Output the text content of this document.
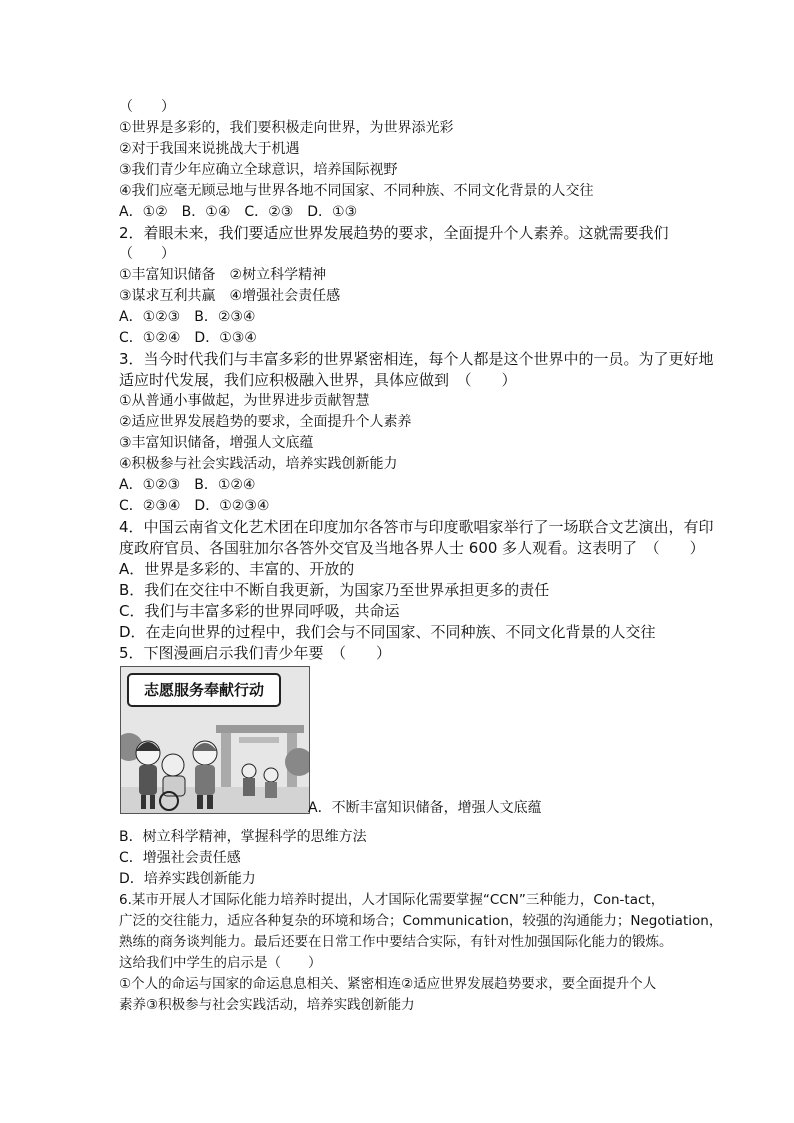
（　　）
①世界是多彩的，我们要积极走向世界，为世界添光彩
②对于我国来说挑战大于机遇
③我们青少年应确立全球意识，培养国际视野
④我们应毫无顾忌地与世界各地不同国家、不同种族、不同文化背景的人交往
A．①②　B．①④　C．②③　D．①③
2．着眼未来，我们要适应世界发展趋势的要求，全面提升个人素养。这就需要我们
（　　）
①丰富知识储备　②树立科学精神
③谋求互利共赢　④增强社会责任感
A．①②③　B．②③④
C．①②④　D．①③④
3．当今时代我们与丰富多彩的世界紧密相连，每个人都是这个世界中的一员。为了更好地
适应时代发展，我们应积极融入世界，具体应做到　（　　）
①从普通小事做起，为世界进步贡献智慧
②适应世界发展趋势的要求，全面提升个人素养
③丰富知识储备，增强人文底蕴
④积极参与社会实践活动，培养实践创新能力
A．①②③　B．①②④
C．②③④　D．①②③④
4．中国云南省文化艺术团在印度加尔各答市与印度歌唱家举行了一场联合文艺演出，有印
度政府官员、各国驻加尔各答外交官及当地各界人士 600 多人观看。这表明了　（　　）
A．世界是多彩的、丰富的、开放的
B．我们在交往中不断自我更新，为国家乃至世界承担更多的责任
C．我们与丰富多彩的世界同呼吸，共命运
D．在走向世界的过程中，我们会与不同国家、不同种族、不同文化背景的人交往
5．下图漫画启示我们青少年要　（　　）
B．树立科学精神，掌握科学的思维方法
C．增强社会责任感
D．培养实践创新能力
6.某市开展人才国际化能力培养时提出，人才国际化需要掌握“CCN”三种能力，Con-tact，
广泛的交往能力，适应各种复杂的环境和场合；Communication，较强的沟通能力；Negotiation，
熟练的商务谈判能力。最后还要在日常工作中要结合实际，有针对性加强国际化能力的锻炼。
这给我们中学生的启示是（　　）
①个人的命运与国家的命运息息相关、紧密相连②适应世界发展趋势要求，要全面提升个人
素养③积极参与社会实践活动，培养实践创新能力
志愿服务奉献行动
A．不断丰富知识储备，增强人文底蕴
